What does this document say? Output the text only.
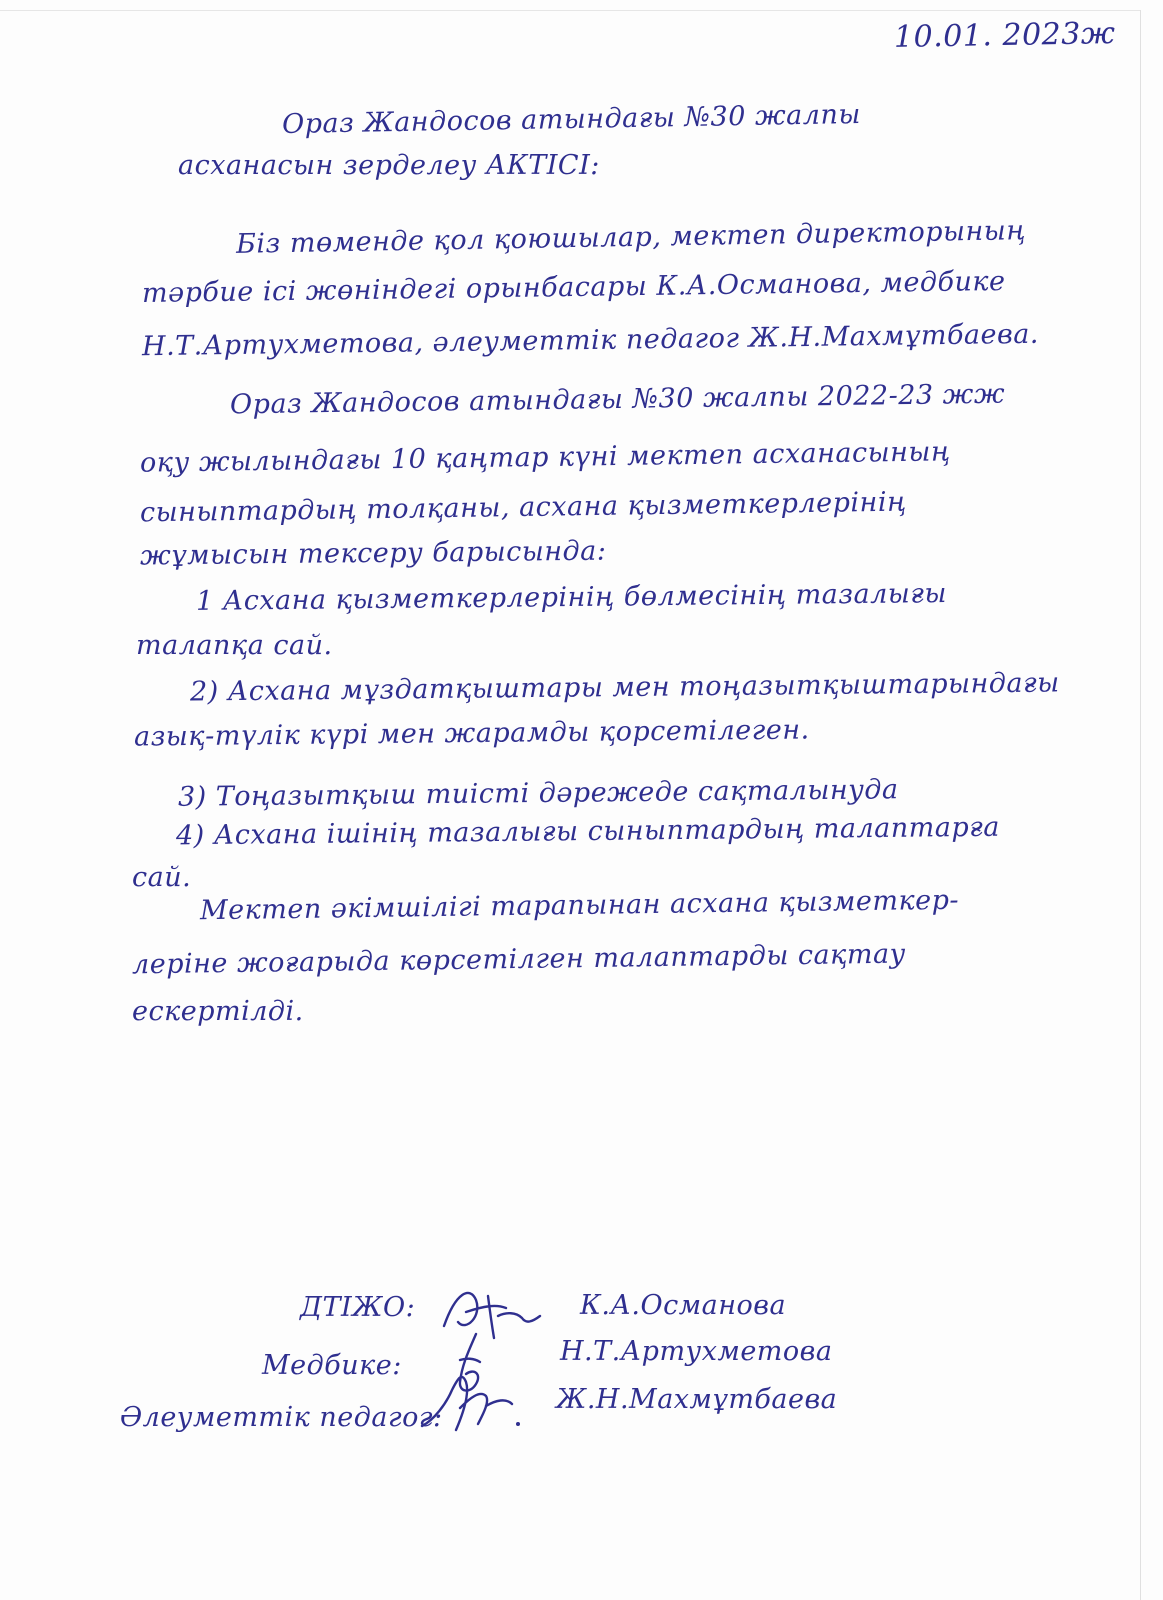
10.01. 2023ж
Ораз Жандосов атындағы №30 жалпы
асханасын зерделеу АКТІСІ:
Біз төменде қол қоюшылар, мектеп директорының
тәрбие ісі жөніндегі орынбасары К.А.Османова, медбике
Н.Т.Артухметова, әлеуметтік педагог Ж.Н.Махмұтбаева.
Ораз Жандосов атындағы №30 жалпы 2022-23 жж
оқу жылындағы 10 қаңтар күні мектеп асханасының
сыныптардың толқаны, асхана қызметкерлерінің
жұмысын тексеру барысында:
1 Асхана қызметкерлерінің бөлмесінің тазалығы
талапқа сай.
2) Асхана мұздатқыштары мен тоңазытқыштарындағы
азық-түлік күрі мен жарамды қорсетілеген.
3) Тоңазытқыш тиісті дәрежеде сақталынуда
4) Асхана ішінің тазалығы сыныптардың талаптарға
сай.
Мектеп әкімшілігі тарапынан асхана қызметкер-
леріне жоғарыда көрсетілген талаптарды сақтау
ескертілді.
ДТІЖО:	К.А.Османова
Медбике:	Н.Т.Артухметова
Әлеуметтік педагог:
Ж.Н.Махмұтбаева
